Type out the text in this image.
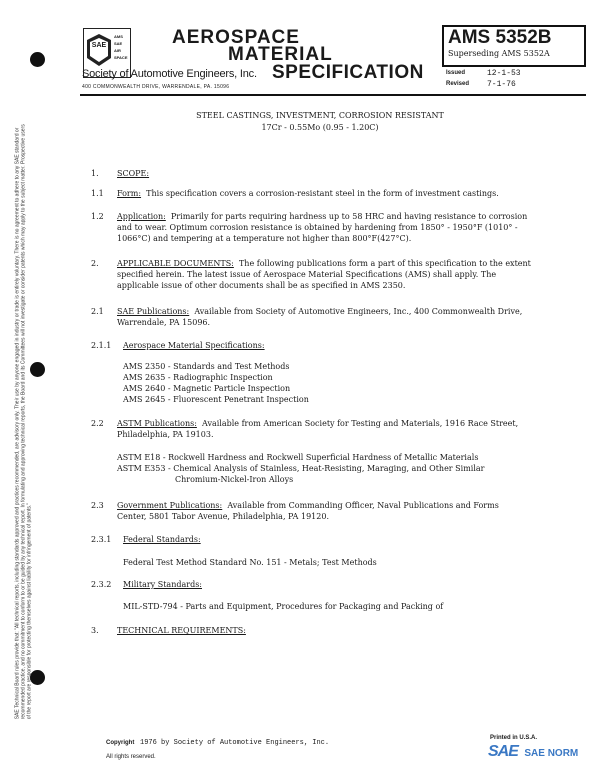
SAE Technical Board rules provide that: "All technical reports, including standards approved and practices recommended, are advisory only. Their use by anyone engaged in industry or trade is entirely voluntary. There is no agreement to adhere to any SAE standard or recommended practice, and no commitment to conform to or be guided by any technical report. In formulating and approving technical reports, the Board and its Committees will not investigate or consider patents which may apply to the subject matter. Prospective users of the report are responsible for protecting themselves against liability for infringement of patents."
SAE
AMS
SAE
AIR
SPACE
AEROSPACE
MATERIAL
SPECIFICATION
Society of Automotive Engineers, Inc.
400 COMMONWEALTH DRIVE, WARRENDALE, PA. 15096
AMS 5352B
Superseding AMS 5352A
Issued	12-1-53
Revised 7-1-76
STEEL CASTINGS, INVESTMENT, CORROSION RESISTANT
17Cr - 0.55Mo (0.95 - 1.20C)
1. SCOPE:
1.1 Form: This specification covers a corrosion-resistant steel in the form of investment castings.
1.2 Application: Primarily for parts requiring hardness up to 58 HRC and having resistance to corrosion
and to wear. Optimum corrosion resistance is obtained by hardening from 1850° - 1950°F (1010° -
1066°C) and tempering at a temperature not higher than 800°F(427°C).
2. APPLICABLE DOCUMENTS: The following publications form a part of this specification to the extent
specified herein. The latest issue of Aerospace Material Specifications (AMS) shall apply. The
applicable issue of other documents shall be as specified in AMS 2350.
2.1 SAE Publications: Available from Society of Automotive Engineers, Inc., 400 Commonwealth Drive,
Warrendale, PA 15096.
2.1.1 Aerospace Material Specifications:
AMS 2350 - Standards and Test Methods
AMS 2635 - Radiographic Inspection
AMS 2640 - Magnetic Particle Inspection
AMS 2645 - Fluorescent Penetrant Inspection
2.2 ASTM Publications: Available from American Society for Testing and Materials, 1916 Race Street,
Philadelphia, PA 19103.
ASTM E18 - Rockwell Hardness and Rockwell Superficial Hardness of Metallic Materials
ASTM E353 - Chemical Analysis of Stainless, Heat-Resisting, Maraging, and Other Similar
Chromium-Nickel-Iron Alloys
2.3 Government Publications: Available from Commanding Officer, Naval Publications and Forms
Center, 5801 Tabor Avenue, Philadelphia, PA 19120.
2.3.1 Federal Standards:
Federal Test Method Standard No. 151 - Metals; Test Methods
2.3.2 Military Standards:
MIL-STD-794 - Parts and Equipment, Procedures for Packaging and Packing of
3. TECHNICAL REQUIREMENTS:
Copyright 1976 by Society of Automotive Engineers, Inc.
All rights reserved.
Printed in U.S.A.
SAE SAE NORM
